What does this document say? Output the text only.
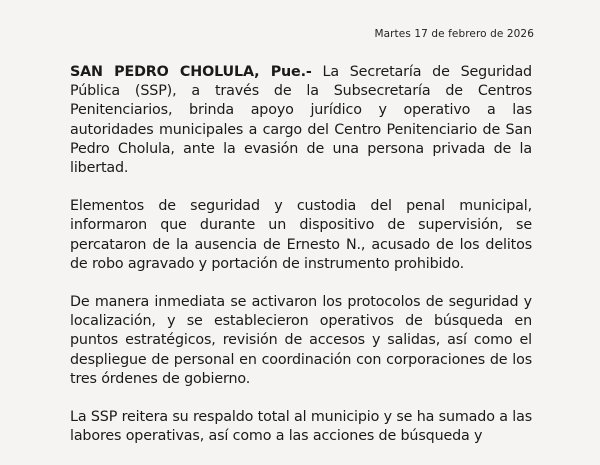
Martes 17 de febrero de 2026

SAN PEDRO CHOLULA, Pue.- La Secretaría de Seguridad Pública (SSP), a través de la Subsecretaría de Centros Penitenciarios, brinda apoyo jurídico y operativo a las autoridades municipales a cargo del Centro Penitenciario de San Pedro Cholula, ante la evasión de una persona privada de la libertad.

Elementos de seguridad y custodia del penal municipal, informaron que durante un dispositivo de supervisión, se percataron de la ausencia de Ernesto N., acusado de los delitos de robo agravado y portación de instrumento prohibido.

De manera inmediata se activaron los protocolos de seguridad y localización, y se establecieron operativos de búsqueda en puntos estratégicos, revisión de accesos y salidas, así como el despliegue de personal en coordinación con corporaciones de los tres órdenes de gobierno.

La SSP reitera su respaldo total al municipio y se ha sumado a las labores operativas, así como a las acciones de búsqueda y
